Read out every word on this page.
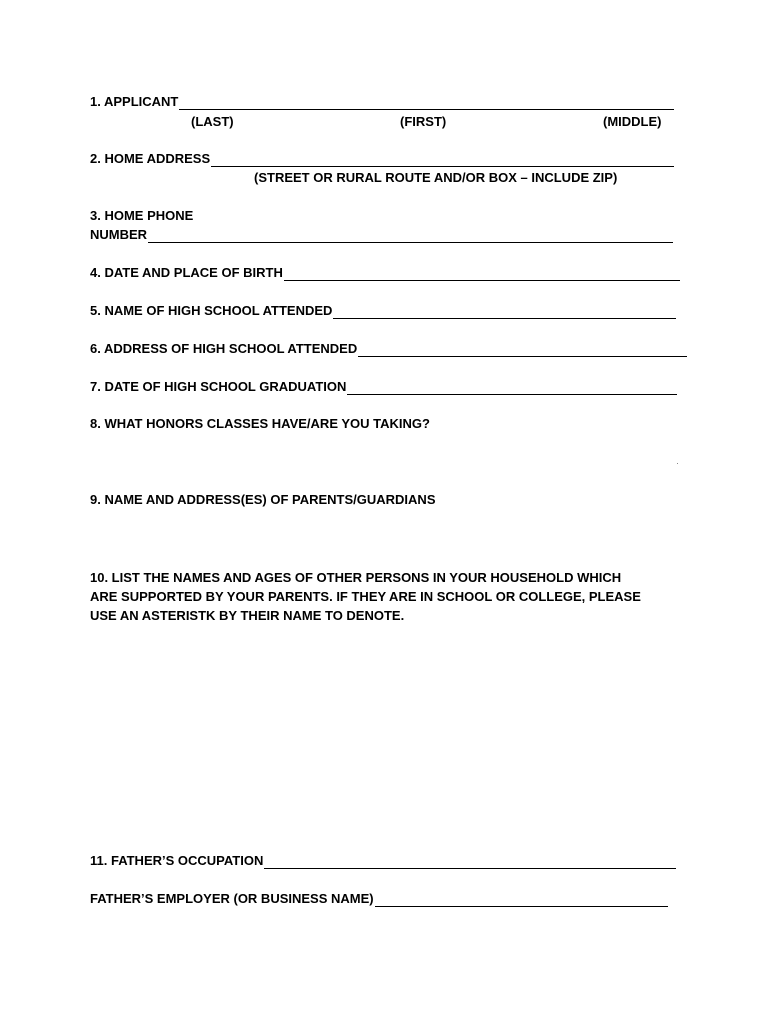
1. APPLICANT
(LAST)	(FIRST)	(MIDDLE)
2. HOME ADDRESS
(STREET OR RURAL ROUTE AND/OR BOX – INCLUDE ZIP)
3. HOME PHONE
NUMBER
4. DATE AND PLACE OF BIRTH
5. NAME OF HIGH SCHOOL ATTENDED
6. ADDRESS OF HIGH SCHOOL ATTENDED
7. DATE OF HIGH SCHOOL GRADUATION
8. WHAT HONORS CLASSES HAVE/ARE YOU TAKING?
9. NAME AND ADDRESS(ES) OF PARENTS/GUARDIANS
10. LIST THE NAMES AND AGES OF OTHER PERSONS IN YOUR HOUSEHOLD WHICH ARE SUPPORTED BY YOUR PARENTS. IF THEY ARE IN SCHOOL OR COLLEGE, PLEASE USE AN ASTERISTK BY THEIR NAME TO DENOTE.
11. FATHER’S OCCUPATION
FATHER’S EMPLOYER (OR BUSINESS NAME)
